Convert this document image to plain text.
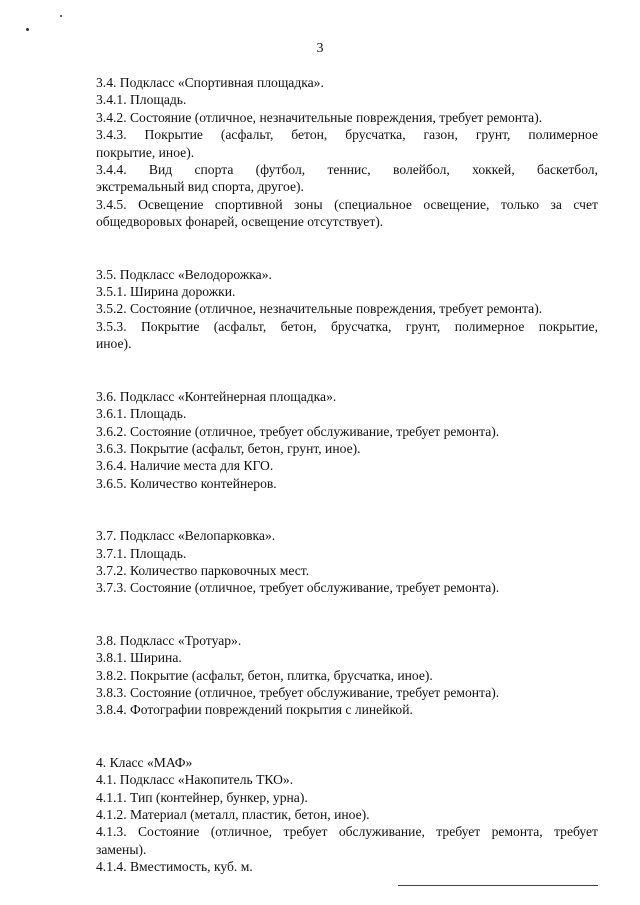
3
3.4. Подкласс «Спортивная площадка».
3.4.1. Площадь.
3.4.2. Состояние (отличное, незначительные повреждения, требует ремонта).
3.4.3. Покрытие (асфальт, бетон, брусчатка, газон, грунт, полимерное
покрытие, иное).
3.4.4. Вид спорта (футбол, теннис, волейбол, хоккей, баскетбол,
экстремальный вид спорта, другое).
3.4.5. Освещение спортивной зоны (специальное освещение, только за счет
общедворовых фонарей, освещение отсутствует).
3.5. Подкласс «Велодорожка».
3.5.1. Ширина дорожки.
3.5.2. Состояние (отличное, незначительные повреждения, требует ремонта).
3.5.3. Покрытие (асфальт, бетон, брусчатка, грунт, полимерное покрытие,
иное).
3.6. Подкласс «Контейнерная площадка».
3.6.1. Площадь.
3.6.2. Состояние (отличное, требует обслуживание, требует ремонта).
3.6.3. Покрытие (асфальт, бетон, грунт, иное).
3.6.4. Наличие места для КГО.
3.6.5. Количество контейнеров.
3.7. Подкласс «Велопарковка».
3.7.1. Площадь.
3.7.2. Количество парковочных мест.
3.7.3. Состояние (отличное, требует обслуживание, требует ремонта).
3.8. Подкласс «Тротуар».
3.8.1. Ширина.
3.8.2. Покрытие (асфальт, бетон, плитка, брусчатка, иное).
3.8.3. Состояние (отличное, требует обслуживание, требует ремонта).
3.8.4. Фотографии повреждений покрытия с линейкой.
4. Класс «МАФ»
4.1. Подкласс «Накопитель ТКО».
4.1.1. Тип (контейнер, бункер, урна).
4.1.2. Материал (металл, пластик, бетон, иное).
4.1.3. Состояние (отличное, требует обслуживание, требует ремонта, требует
замены).
4.1.4. Вместимость, куб. м.
